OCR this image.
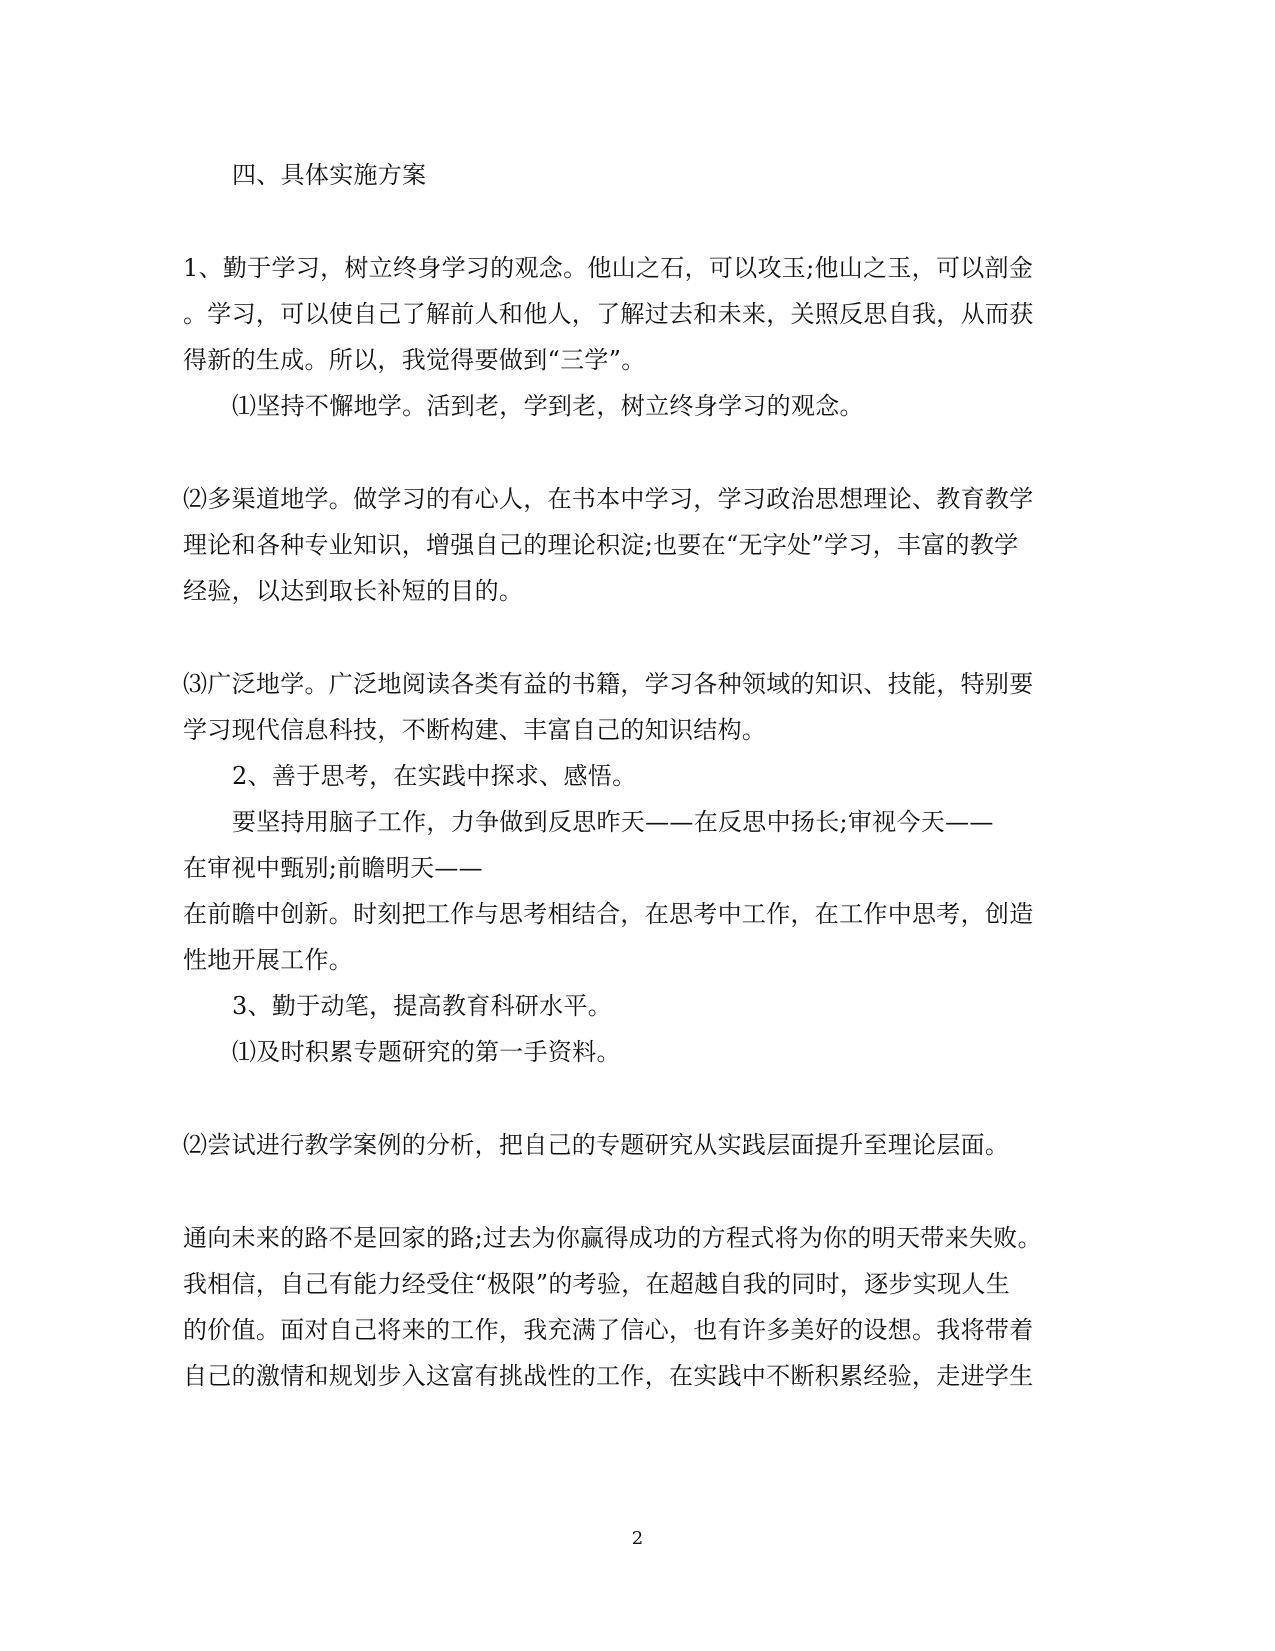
四、具体实施方案

1、勤于学习，树立终身学习的观念。他山之石，可以攻玉;他山之玉，可以剖金

。学习，可以使自己了解前人和他人，了解过去和未来，关照反思自我，从而获

得新的生成。所以，我觉得要做到“三学”。

⑴坚持不懈地学。活到老，学到老，树立终身学习的观念。

⑵多渠道地学。做学习的有心人，在书本中学习，学习政治思想理论、教育教学

理论和各种专业知识，增强自己的理论积淀;也要在“无字处”学习，丰富的教学

经验，以达到取长补短的目的。

⑶广泛地学。广泛地阅读各类有益的书籍，学习各种领域的知识、技能，特别要

学习现代信息科技，不断构建、丰富自己的知识结构。

2、善于思考，在实践中探求、感悟。

要坚持用脑子工作，力争做到反思昨天——在反思中扬长;审视今天——

在审视中甄别;前瞻明天——

在前瞻中创新。时刻把工作与思考相结合，在思考中工作，在工作中思考，创造

性地开展工作。

3、勤于动笔，提高教育科研水平。

⑴及时积累专题研究的第一手资料。

⑵尝试进行教学案例的分析，把自己的专题研究从实践层面提升至理论层面。

通向未来的路不是回家的路;过去为你赢得成功的方程式将为你的明天带来失败。

我相信，自己有能力经受住“极限”的考验，在超越自我的同时，逐步实现人生

的价值。面对自己将来的工作，我充满了信心，也有许多美好的设想。我将带着

自己的激情和规划步入这富有挑战性的工作，在实践中不断积累经验，走进学生

2
